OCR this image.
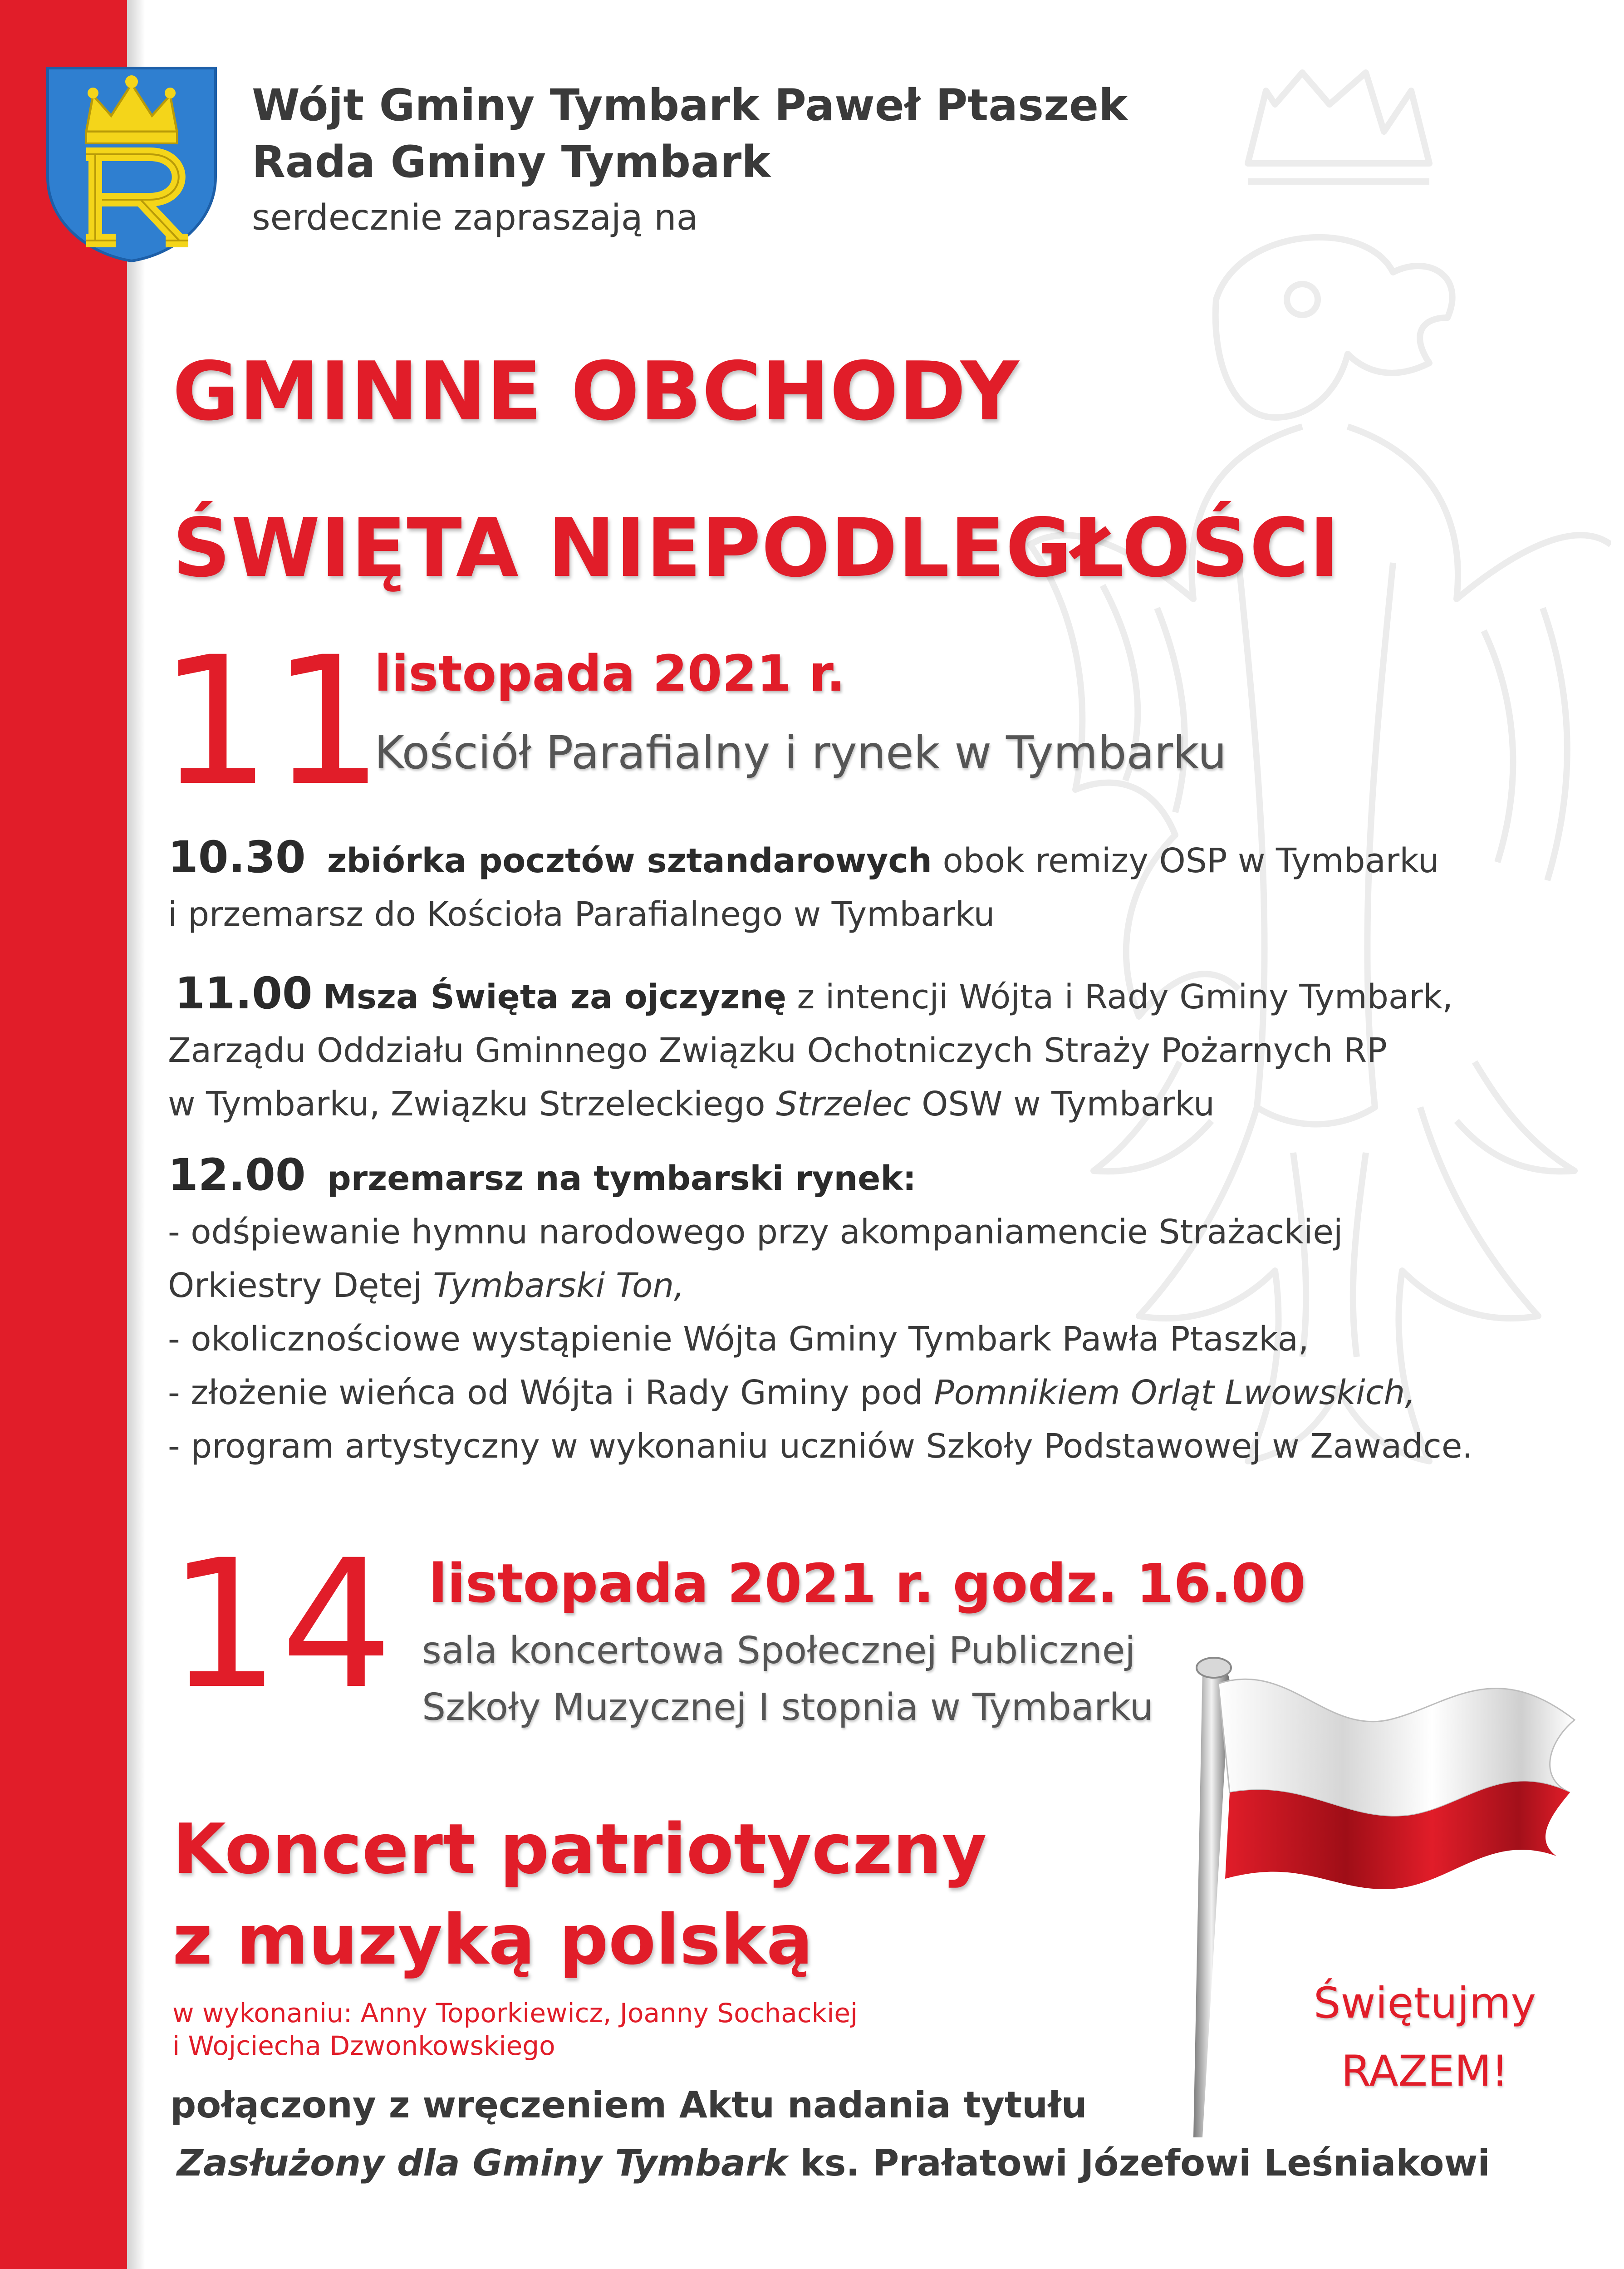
Wójt Gminy Tymbark Paweł Ptaszek
Rada Gminy Tymbark
serdecznie zapraszają na
GMINNE OBCHODY
ŚWIĘTA NIEPODLEGŁOŚCI
11
listopada 2021 r.
Kościół Parafialny i rynek w Tymbarku
10.30 zbiórka pocztów sztandarowych obok remizy OSP w Tymbarku
i przemarsz do Kościoła Parafialnego w Tymbarku
11.00 Msza Święta za ojczyznę z intencji Wójta i Rady Gminy Tymbark,
Zarządu Oddziału Gminnego Związku Ochotniczych Straży Pożarnych RP
w Tymbarku, Związku Strzeleckiego Strzelec OSW w Tymbarku
12.00 przemarsz na tymbarski rynek:
- odśpiewanie hymnu narodowego przy akompaniamencie Strażackiej
Orkiestry Dętej Tymbarski Ton,
- okolicznościowe wystąpienie Wójta Gminy Tymbark Pawła Ptaszka,
- złożenie wieńca od Wójta i Rady Gminy pod Pomnikiem Orląt Lwowskich,
- program artystyczny w wykonaniu uczniów Szkoły Podstawowej w Zawadce.
14 listopada 2021 r. godz. 16.00
sala koncertowa Społecznej Publicznej
Szkoły Muzycznej I stopnia w Tymbarku
Koncert patriotyczny
z muzyką polską
w wykonaniu: Anny Toporkiewicz, Joanny Sochackiej
i Wojciecha Dzwonkowskiego
Świętujmy
RAZEM!
połączony z wręczeniem Aktu nadania tytułu
Zasłużony dla Gminy Tymbark ks. Prałatowi Józefowi Leśniakowi
